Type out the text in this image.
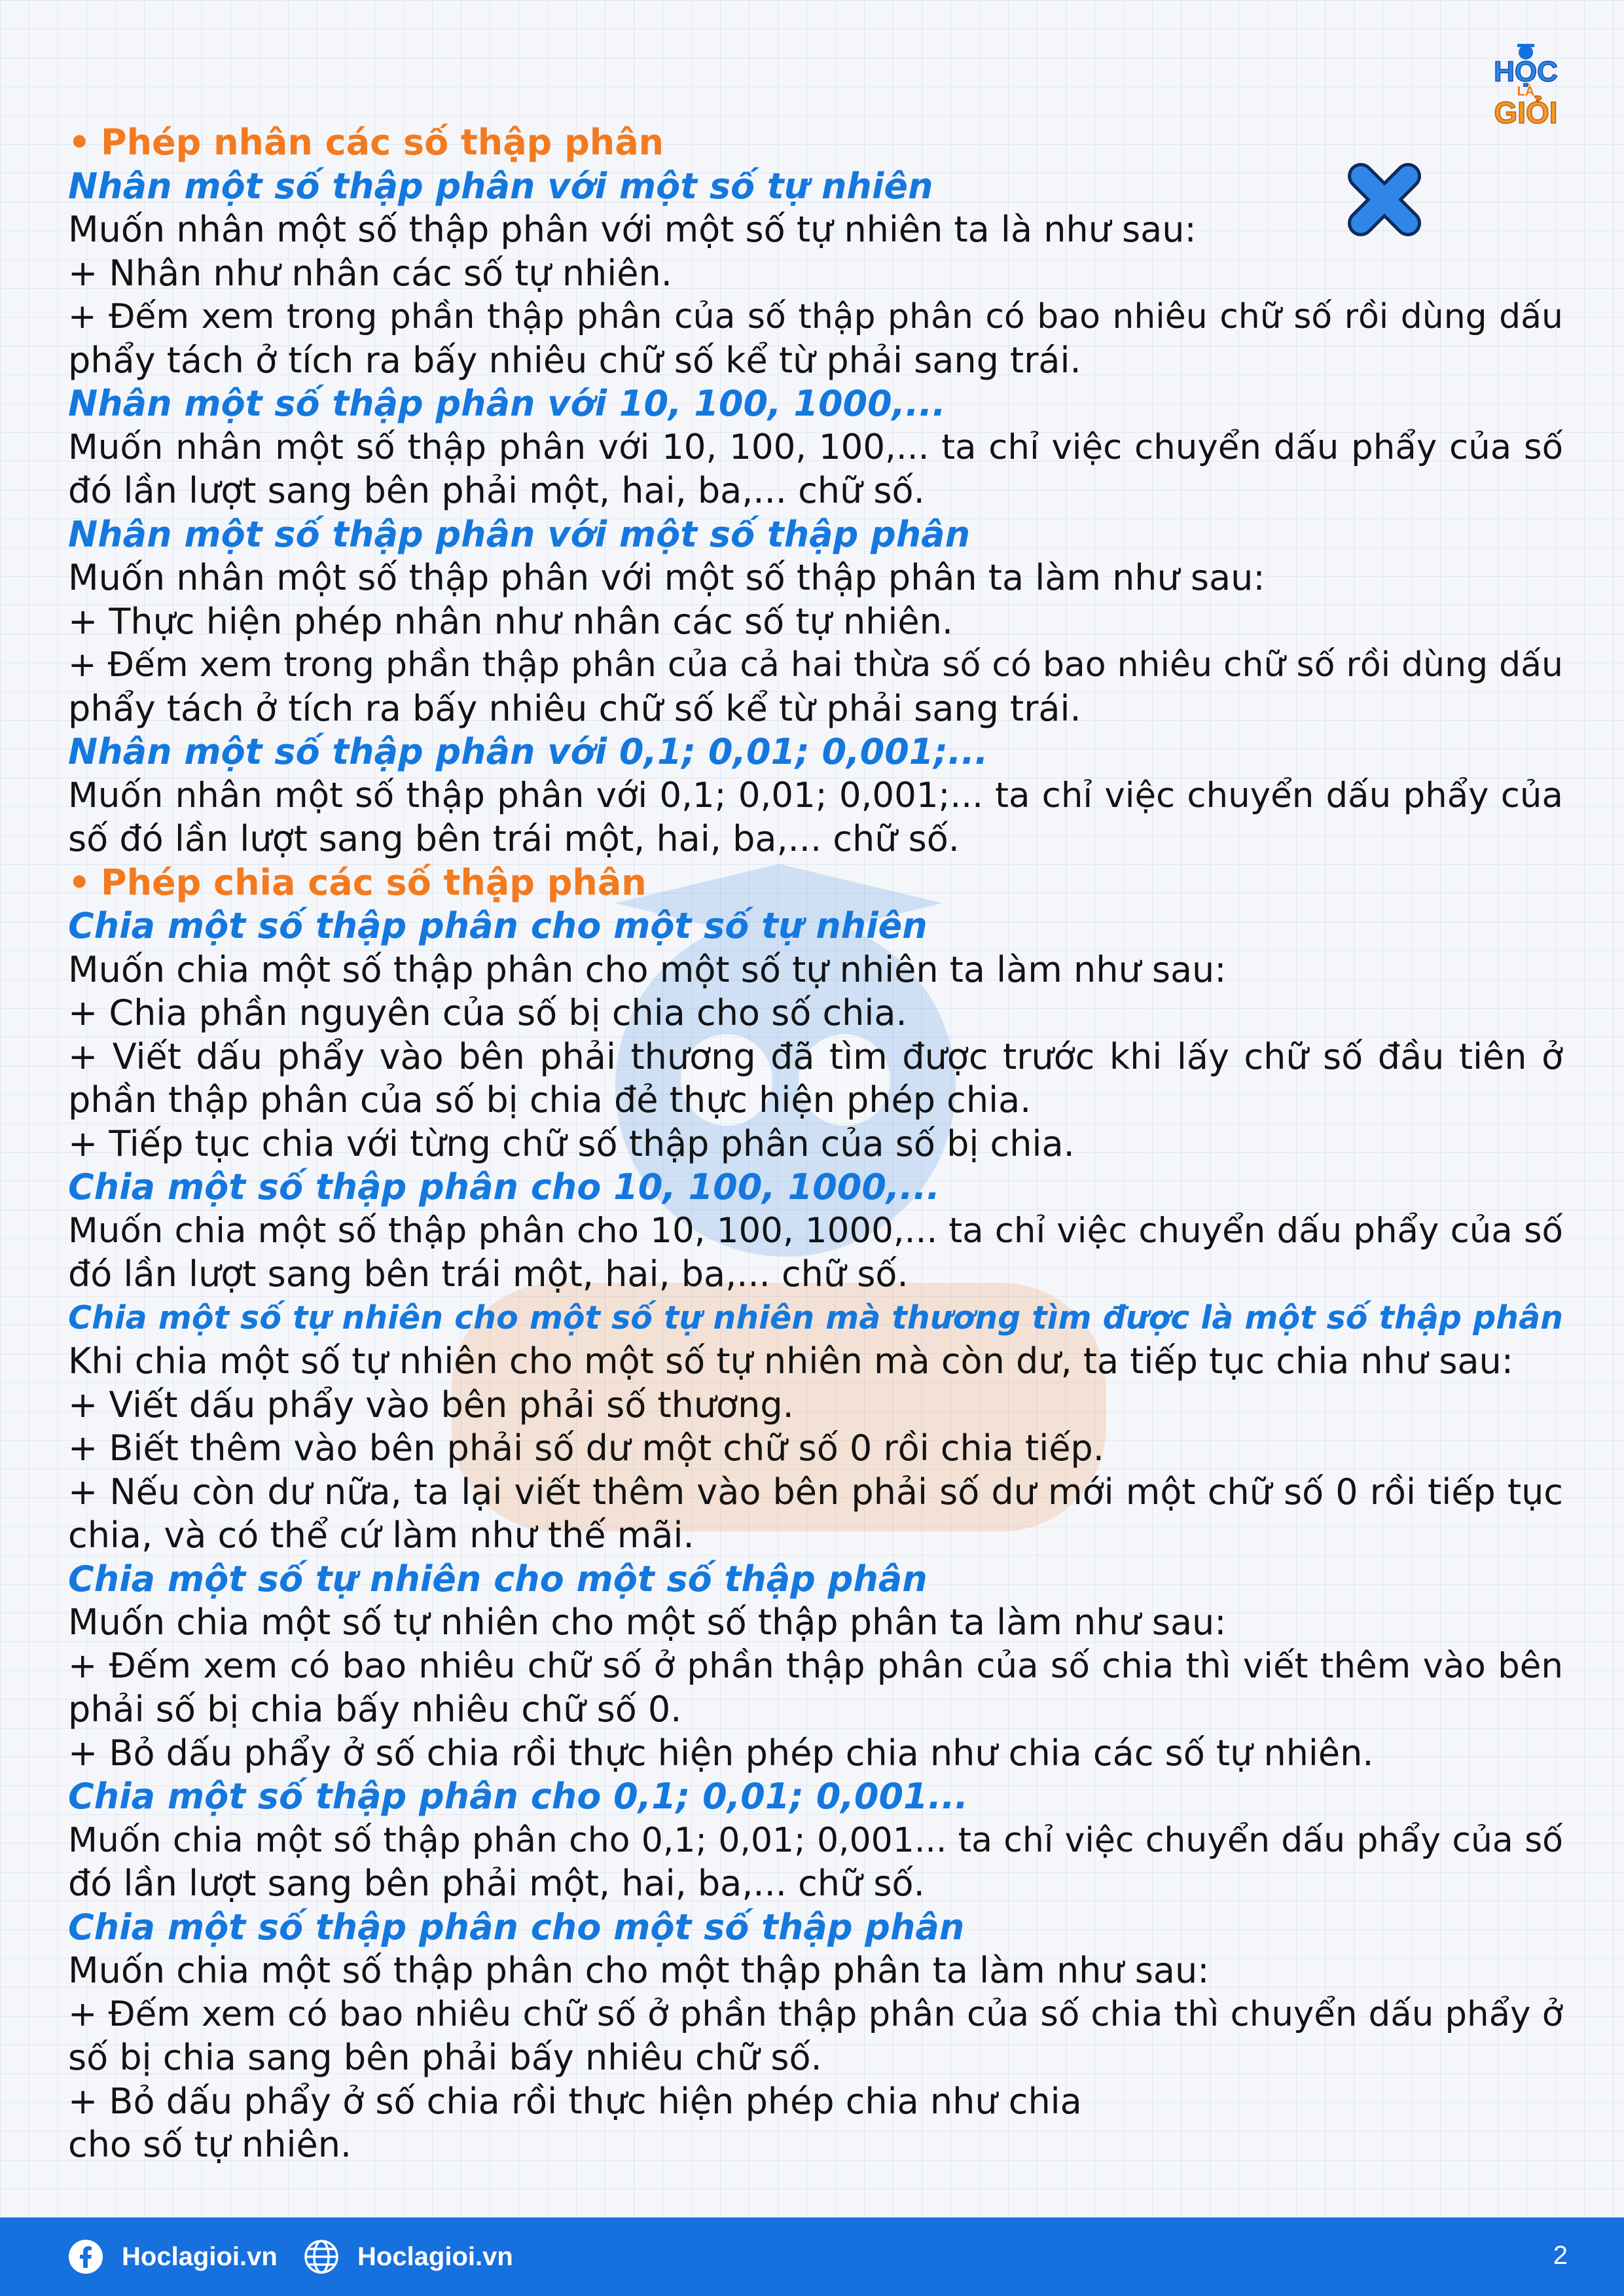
HỌC
LÀ
GIỎI
• Phép nhân các số thập phân
Nhân một số thập phân với một số tự nhiên
Muốn nhân một số thập phân với một số tự nhiên ta là như sau:
+ Nhân như nhân các số tự nhiên.
+ Đếm xem trong phần thập phân của số thập phân có bao nhiêu chữ số rồi dùng dấu
phẩy tách ở tích ra bấy nhiêu chữ số kể từ phải sang trái.
Nhân một số thập phân với 10, 100, 1000,...
Muốn nhân một số thập phân với 10, 100, 100,... ta chỉ việc chuyển dấu phẩy của số
đó lần lượt sang bên phải một, hai, ba,... chữ số.
Nhân một số thập phân với một số thập phân
Muốn nhân một số thập phân với một số thập phân ta làm như sau:
+ Thực hiện phép nhân như nhân các số tự nhiên.
+ Đếm xem trong phần thập phân của cả hai thừa số có bao nhiêu chữ số rồi dùng dấu
phẩy tách ở tích ra bấy nhiêu chữ số kể từ phải sang trái.
Nhân một số thập phân với 0,1; 0,01; 0,001;...
Muốn nhân một số thập phân với 0,1; 0,01; 0,001;... ta chỉ việc chuyển dấu phẩy của
số đó lần lượt sang bên trái một, hai, ba,... chữ số.
• Phép chia các số thập phân
Chia một số thập phân cho một số tự nhiên
Muốn chia một số thập phân cho một số tự nhiên ta làm như sau:
+ Chia phần nguyên của số bị chia cho số chia.
+ Viết dấu phẩy vào bên phải thương đã tìm được trước khi lấy chữ số đầu tiên ở
phần thập phân của số bị chia đẻ thực hiện phép chia.
+ Tiếp tục chia với từng chữ số thập phân của số bị chia.
Chia một số thập phân cho 10, 100, 1000,...
Muốn chia một số thập phân cho 10, 100, 1000,... ta chỉ việc chuyển dấu phẩy của số
đó lần lượt sang bên trái một, hai, ba,... chữ số.
Chia một số tự nhiên cho một số tự nhiên mà thương tìm được là một số thập phân
Khi chia một số tự nhiên cho một số tự nhiên mà còn dư, ta tiếp tục chia như sau:
+ Viết dấu phẩy vào bên phải số thương.
+ Biết thêm vào bên phải số dư một chữ số 0 rồi chia tiếp.
+ Nếu còn dư nữa, ta lại viết thêm vào bên phải số dư mới một chữ số 0 rồi tiếp tục
chia, và có thể cứ làm như thế mãi.
Chia một số tự nhiên cho một số thập phân
Muốn chia một số tự nhiên cho một số thập phân ta làm như sau:
+ Đếm xem có bao nhiêu chữ số ở phần thập phân của số chia thì viết thêm vào bên
phải số bị chia bấy nhiêu chữ số 0.
+ Bỏ dấu phẩy ở số chia rồi thực hiện phép chia như chia các số tự nhiên.
Chia một số thập phân cho 0,1; 0,01; 0,001...
Muốn chia một số thập phân cho 0,1; 0,01; 0,001... ta chỉ việc chuyển dấu phẩy của số
đó lần lượt sang bên phải một, hai, ba,... chữ số.
Chia một số thập phân cho một số thập phân
Muốn chia một số thập phân cho một thập phân ta làm như sau:
+ Đếm xem có bao nhiêu chữ số ở phần thập phân của số chia thì chuyển dấu phẩy ở
số bị chia sang bên phải bấy nhiêu chữ số.
+ Bỏ dấu phẩy ở số chia rồi thực hiện phép chia như chia
cho số tự nhiên.
Hoclagioi.vn	Hoclagioi.vn	2
